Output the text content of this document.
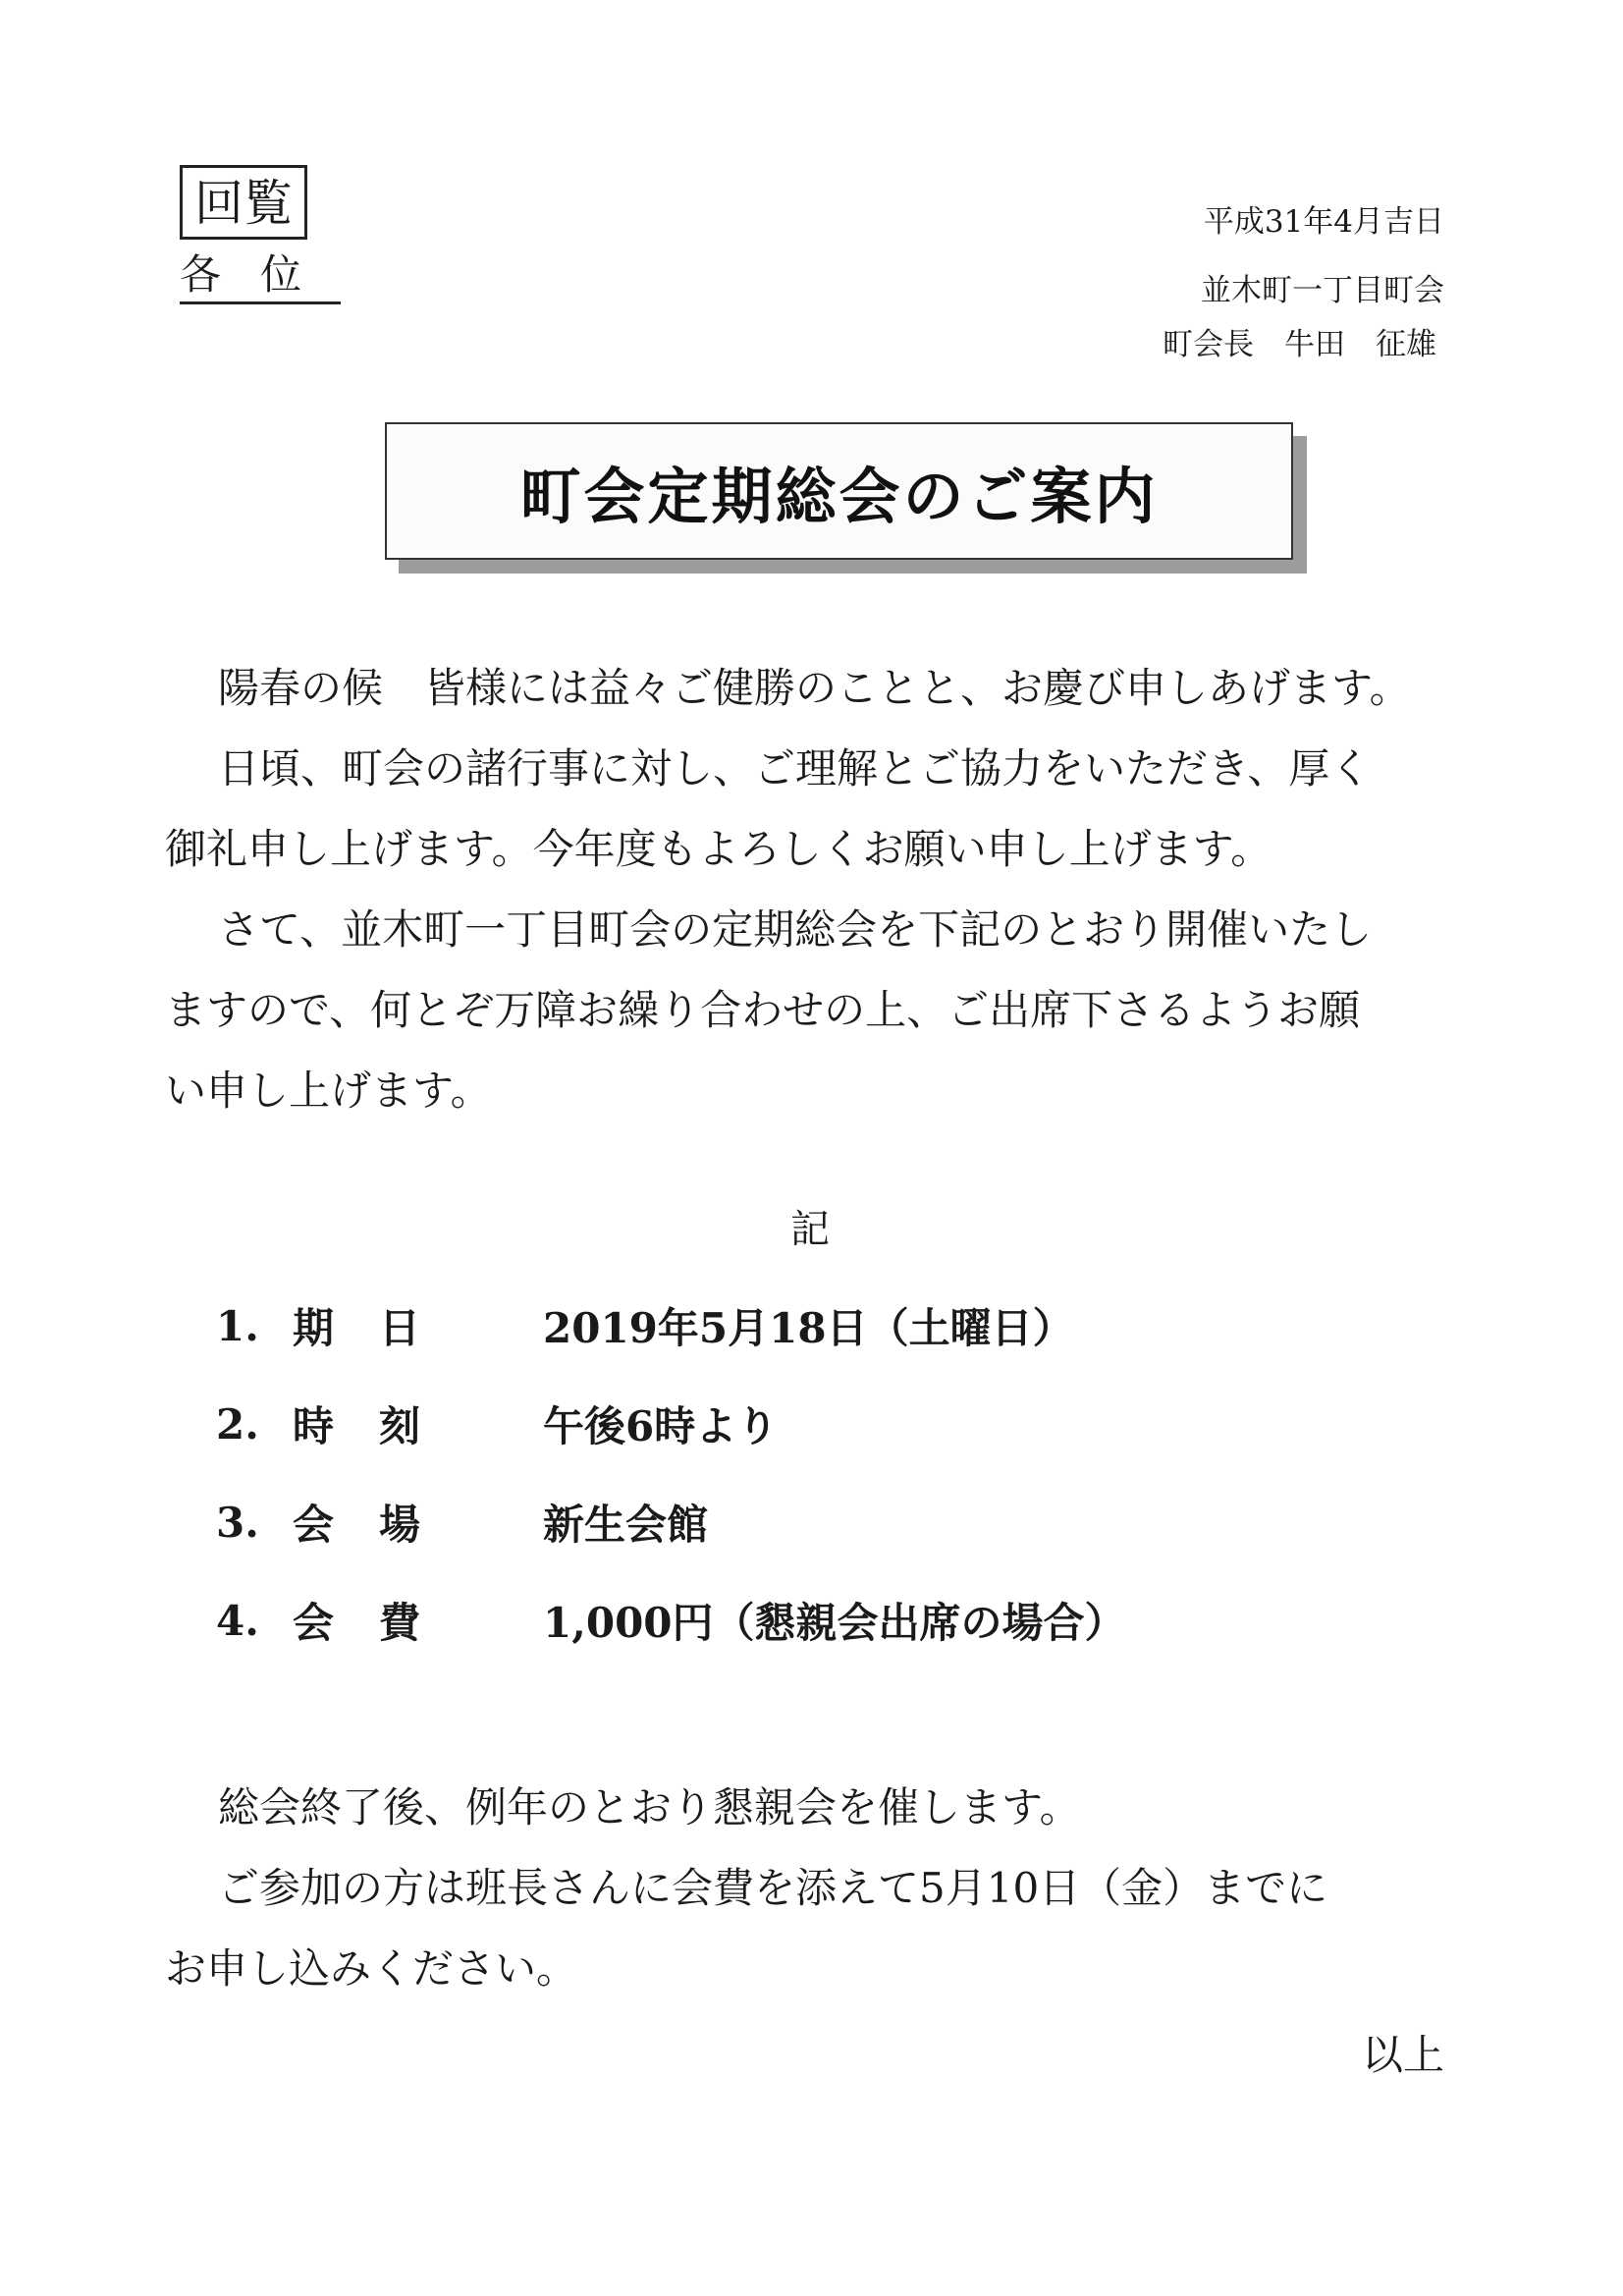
回覧
各位
平成31年4月吉日
並木町一丁目町会
町会長　牛田　征雄
町会定期総会のご案内

陽春の候　皆様には益々ご健勝のことと、お慶び申しあげます。

日頃、町会の諸行事に対し、ご理解とご協力をいただき、厚く

御礼申し上げます。今年度もよろしくお願い申し上げます。

さて、並木町一丁目町会の定期総会を下記のとおり開催いたし

ますので、何とぞ万障お繰り合わせの上、ご出席下さるようお願

い申し上げます。

記
1. 期日	2019年5月18日（土曜日）
2. 時刻	午後6時より
3. 会場	新生会館
4. 会費	1,000円（懇親会出席の場合）

総会終了後、例年のとおり懇親会を催します。

ご参加の方は班長さんに会費を添えて5月10日（金）までに

お申し込みください。

以上
